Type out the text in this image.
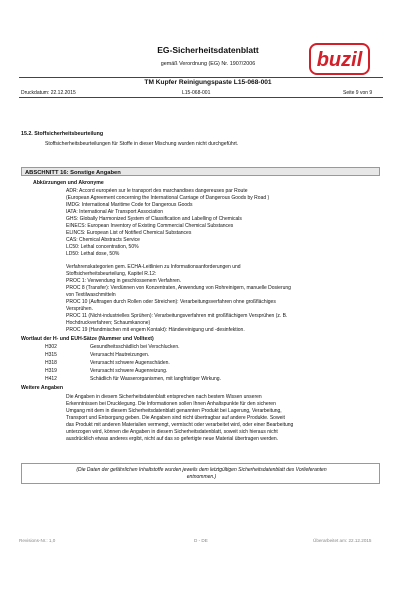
EG-Sicherheitsdatenblatt
gemäß Verordnung (EG) Nr. 1907/2006	buzil
TM Kupfer Reinigungspaste L15-068-001
Druckdatum: 22.12.2015	L15-068-001	Seite 9 von 9
15.2. Stoffsicherheitsbeurteilung
Stoffsicherheitsbeurteilungen für Stoffe in dieser Mischung wurden nicht durchgeführt.
ABSCHNITT 16: Sonstige Angaben
Abkürzungen und Akronyme
ADR: Accord européen sur le transport des marchandises dangereuses par Route
(European Agreement concerning the International Carriage of Dangerous Goods by Road )
IMDG: International Maritime Code for Dangerous Goods
IATA: International Air Transport Association
GHS: Globally Harmonized System of Classification and Labelling of Chemicals
EINECS: European Inventory of Existing Commercial Chemical Substances
ELINCS: European List of Notified Chemical Substances
CAS: Chemical Abstracts Service
LC50: Lethal concentration, 50%
LD50: Lethal dose, 50%
Verfahrenskategorien gem. ECHA-Leitlinien zu Informationsanforderungen und
Stoffsicherheitsbeurteilung, Kapitel R.12:
PROC 1: Verwendung in geschlossenem Verfahren.
PROC 8 (Transfer): Verdünnen von Konzentraten, Anwendung von Rohreinigern, manuelle Dosierung
von Textilwaschmitteln
PROC 10 (Auftragen durch Rollen oder Streichen): Verarbeitungsverfahren ohne großflächiges
Versprühen.
PROC 11 (Nicht-industrielles Sprühen): Verarbeitungsverfahren mit großflächigem Versprühen (z. B.
Hochdruckverfahren; Schaumkanone)
PROC 19 (Handmischen mit engem Kontakt): Händereinigung und -desinfektion.
Wortlaut der H- und EUH-Sätze (Nummer und Volltext)
H302	Gesundheitsschädlich bei Verschlucken.
H315	Verursacht Hautreizungen.
H318	Verursacht schwere Augenschäden.
H319	Verursacht schwere Augenreizung.
H412	Schädlich für Wasserorganismen, mit langfristiger Wirkung.
Weitere Angaben
Die Angaben in diesem Sicherheitsdatenblatt entsprechen nach bestem Wissen unseren
Erkenntnissen bei Drucklegung. Die Informationen sollen Ihnen Anhaltspunkte für den sicheren
Umgang mit dem in diesem Sicherheitsdatenblatt genannten Produkt bei Lagerung, Verarbeitung,
Transport und Entsorgung geben. Die Angaben sind nicht übertragbar auf andere Produkte. Soweit
das Produkt mit anderen Materialien vermengt, vermischt oder verarbeitet wird, oder einer Bearbeitung
unterzogen wird, können die Angaben in diesem Sicherheitsdatenblatt, soweit sich hieraus nicht
ausdrücklich etwas anderes ergibt, nicht auf das so gefertigte neue Material übertragen werden.
(Die Daten der gefährlichen Inhaltstoffe wurden jeweils dem letztgültigen Sicherheitsdatenblatt des Vorlieferanten
entnommen.)
Revisions-Nr.: 1,0	D - DE	Überarbeitet am: 22.12.2015
